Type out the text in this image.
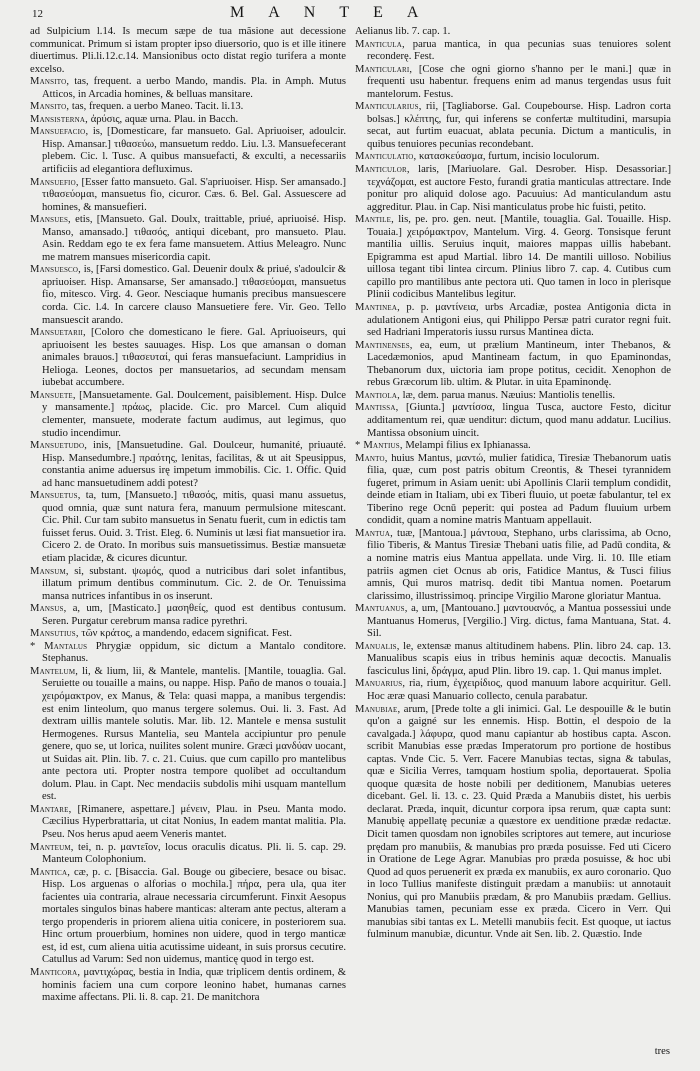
12	MANTEA

ad Sulpicium l.14. Is mecum sæpe de tua mãsione aut decessione communicat. Primum si istam propter ipso diuersorio, quo is et ille itinere diuertimus. Pli.li.12.c.14. Mansionibus octo distat regio turifera a monte excelso.

Mansito, tas, frequent. a uerbo Mando, mandis. Pla. in Amph. Mutus Atticos, in Arcadia homines, & belluas mansitare.

Mansito, tas, frequen. a uerbo Maneo. Tacit. li.13.

Mansisterna, ἀρύσις, aquæ urna. Plau. in Bacch.

Mansuefacio, is, [Domesticare, far mansueto. Gal. Apriuoiser, adoulcir. Hisp. Amansar.] τιθασεύω, mansuetum reddo. Liu. l.3. Mansuefecerant plebem. Cic. l. Tusc. A quibus mansuefacti, & exculti, a necessariis artificiis ad elegantiora defluximus.

Mansuefio, [Esser fatto mansueto. Gal. S'apriuoiser. Hisp. Ser amansado.] τιθασεύομαι, mansuetus fio, cicuror. Cæs. 6. Bel. Gal. Assuescere ad homines, & mansuefieri.

Mansues, etis, [Mansueto. Gal. Doulx, traittable, priué, apriuoisé. Hisp. Manso, amansado.] τιθασός, antiqui dicebant, pro mansueto. Plau. Asin. Reddam ego te ex fera fame mansuetem. Attius Meleagro. Nunc me matrem mansues misericordia capit.

Mansuesco, is, [Farsi domestico. Gal. Deuenir doulx & priué, s'adoulcir & apriuoiser. Hisp. Amansarse, Ser amansado.] τιθασεύομαι, mansuetus fio, mitesco. Virg. 4. Geor. Nesciaque humanis precibus mansuescere corda. Cic. l.4. In carcere clauso Mansuetiere fere. Vir. Geo. Tello mansuescit arando.

Mansuetarii, [Coloro che domesticano le fiere. Gal. Apriuoiseurs, qui apriuoisent les bestes sauuages. Hisp. Los que amansan o doman animales brauos.] τιθασευταί, qui feras mansuefaciunt. Lampridius in Helioga. Leones, doctos per mansuetarios, ad secundam mensam iubebat accumbere.

Mansuete, [Mansuetamente. Gal. Doulcement, paisiblement. Hisp. Dulce y mansamente.] πράως, placide. Cic. pro Marcel. Cum aliquid clementer, mansuete, moderate factum audimus, aut legimus, quo studio incendimur.

Mansuetudo, inis, [Mansuetudine. Gal. Doulceur, humanité, priuauté. Hisp. Mansedumbre.] πραότης, lenitas, facilitas, & ut ait Speusippus, constantia anime aduersus irę impetum immobilis. Cic. 1. Offic. Quid ad hanc mansuetudinem addi potest?

Mansuetus, ta, tum, [Mansueto.] τιθασός, mitis, quasi manu assuetus, quod omnia, quæ sunt natura fera, manuum permulsione mitescant. Cic. Phil. Cur tam subito mansuetus in Senatu fuerit, cum in edictis tam fuisset ferus. Ouid. 3. Trist. Eleg. 6. Numinis ut læsi fiat mansuetior ira. Cicero 2. de Orato. In moribus suis mansuetissimus. Bestiæ mansuetæ etiam placidæ, & cicures dicuntur.

Mansum, si, substant. ψωμός, quod a nutricibus dari solet infantibus, illatum primum dentibus comminutum. Cic. 2. de Or. Tenuissima mansa nutrices infantibus in os inserunt.

Mansus, a, um, [Masticato.] μασηθείς, quod est dentibus contusum. Seren. Purgatur cerebrum mansa radice pyrethri.

Mansutius, τῶν κράτος, a mandendo, edacem significat. Fest.

* Mantalus Phrygiæ oppidum, sic dictum a Mantalo conditore. Stephanus.

Mantelum, li, & lium, lii, & Mantele, mantelis. [Mantile, touaglia. Gal. Seruiette ou touaille a mains, ou nappe. Hisp. Paño de manos o touaia.] χειρόμακτρον, ex Manus, & Tela: quasi mappa, a manibus tergendis: est enim linteolum, quo manus tergere solemus. Oui. li. 3. Fast. Ad dextram uillis mantele solutis. Mar. lib. 12. Mantele e mensa sustulit Hermogenes. Rursus Mantelia, seu Mantela accipiuntur pro penule genere, quo se, ut lorica, nuilites solent munire. Græci μανδύαν uocant, ut Suidas ait. Plin. lib. 7. c. 21. Cuius. que cum capillo pro mantelibus ante pectora uti. Propter nostra tempore quolibet ad occultandum dolum. Plau. in Capt. Nec mendaciis subdolis mihi usquam mantellum est.

Mantare, [Rimanere, aspettare.] μένειν, Plau. in Pseu. Manta modo. Cæcilius Hyperbrattaria, ut citat Nonius, In eadem mantat malitia. Pla. Pseu. Nos herus apud aeem Veneris mantet.

Manteum, tei, n. p. μαντεῖον, locus oraculis dicatus. Pli. li. 5. cap. 29. Manteum Colophonium.

Mantica, cæ, p. c. [Bisaccia. Gal. Bouge ou gibeciere, besace ou bisac. Hisp. Los arguenas o alforias o mochila.] πήρα, pera ula, qua iter facientes uia contraria, alraue necessaria circumferunt. Finxit Aesopus mortales singulos binas habere manticas: alteram ante pectus, alteram a tergo propenderis in priorem aliena uitia conicere, in posteriorem sua. Hinc ortum prouerbium, homines non uidere, quod in tergo manticæ est, id est, cum aliena uitia acutissime uideant, in suis prorsus cecutire. Catullus ad Varum: Sed non uidemus, manticę quod in tergo est.

Manticora, μαντιχώρας, bestia in India, quæ triplicem dentis ordinem, & hominis faciem una cum corpore leonino habet, humanas carnes maxime affectans. Pli. li. 8. cap. 21. De manitchora

Aelianus lib. 7. cap. 1.

Manticula, parua mantica, in qua pecunias suas tenuiores solent reconderę. Fest.

Manticulari, [Cose che ogni giorno s'hanno per le mani.] quæ in frequenti usu habentur. frequens enim ad manus tergendas usus fuit mantelorum. Festus.

Manticularius, rii, [Tagliaborse. Gal. Coupebourse. Hisp. Ladron corta bolsas.] κλέπτης, fur, qui inferens se confertæ multitudini, marsupia secat, aut furtim euacuat, ablata pecunia. Dictum a manticulis, in quibus tenuiores pecunias recondebant.

Manticulatio, κατασκεύασμα, furtum, incisio loculorum.

Manticulor, laris, [Mariuolare. Gal. Desrober. Hisp. Desassoriar.] τεχνάζομαι, est auctore Festo, furandi gratia manticulas attrectare. Inde ponitur pro aliquid dolose ago. Pacuuius: Ad manticulandum astu aggreditur. Plau. in Cap. Nisi manticulatus probe hic fuisti, petito.

Mantile, lis, pe. pro. gen. neut. [Mantile, touaglia. Gal. Touaille. Hisp. Touaia.] χειρόμακτρον, Mantelum. Virg. 4. Georg. Tonsisque ferunt mantilia uillis. Seruius inquit, maiores mappas uillis habebant. Epigramma est apud Martial. libro 14. De mantili uilloso. Nobilius uillosa tegant tibi lintea circum. Plinius libro 7. cap. 4. Cutibus cum capillo pro mantilibus ante pectora uti. Quo tamen in loco in plerisque Plinii codicibus Mantelibus legitur.

Mantinea, p. p. μαντίνεια, urbs Arcadiæ, postea Antigonia dicta in adulationem Antigoni eius, qui Philippo Persæ patri curator regni fuit. sed Hadriani Imperatoris iussu rursus Mantinea dicta.

Mantinenses, ea, eum, ut prælium Mantineum, inter Thebanos, & Lacedæmonios, apud Mantineam factum, in quo Epaminondas, Thebanorum dux, uictoria iam prope potitus, cecidit. Xenophon de rebus Græcorum lib. ultim. & Plutar. in uita Epaminondę.

Mantiola, læ, dem. parua manus. Næuius: Mantiolis tenellis.

Mantissa, [Giunta.] μαντίσσα, lingua Tusca, auctore Festo, dicitur additamentum rei, quæ uenditur: dictum, quod manu addatur. Lucilius. Mantissa obsonium uincit.

* Mantius, Melampi filius ex Iphianassa.

Manto, huius Mantus, μαντώ, mulier fatidica, Tiresiæ Thebanorum uatis filia, quæ, cum post patris obitum Creontis, & Thesei tyrannidem fugeret, primum in Asiam uenit: ubi Apollinis Clarii templum condidit, deinde etiam in Italiam, ubi ex Tiberi fluuio, ut poetæ fabulantur, tel ex Tiberino rege Ocnū peperit: qui postea ad Padum fluuium urbem condidit, quam a nomine matris Mantuam appellauit.

Mantua, tuæ, [Mantoua.] μάντουα, Stephano, urbs clarissima, ab Ocno, filio Tiberis, & Mantus Tiresiæ Thebani uatis filie, ad Padū condita, & a nomine matris eius Mantua appellata. unde Virg. li. 10. Ille etiam patriis agmen ciet Ocnus ab oris, Fatidice Mantus, & Tusci filius amnis, Qui muros matrisq. dedit tibi Mantua nomen. Poetarum clarissimo, illustrissimoq. principe Virgilio Marone gloriatur Mantua.

Mantuanus, a, um, [Mantouano.] μαντουανός, a Mantua possessiui unde Mantuanus Homerus, [Vergilio.] Virg. dictus, fama Mantuana, Stat. 4. Sil.

Manualis, le, extensæ manus altitudinem habens. Plin. libro 24. cap. 13. Manualibus scapis eius in tribus heminis aquæ decoctis. Manualis fasciculus lini, δράγμα, apud Plin. libro 19. cap. 1. Qui manus implet.

Manuarius, ria, rium, ἐγχειρίδιος, quod manuum labore acquiritur. Gell. Hoc æræ quasi Manuario collecto, cenula parabatur.

Manubiae, arum, [Prede tolte a gli inimici. Gal. Le despouille & le butin qu'on a gaigné sur les ennemis. Hisp. Bottin, el despoio de la cavalgada.] λάφυρα, quod manu capiantur ab hostibus capta. Ascon. scribit Manubias esse prædas Imperatorum pro portione de hostibus captas. Vnde Cic. 5. Verr. Facere Manubias tectas, signa & tabulas, quæ e Sicilia Verres, tamquam hostium spolia, deportauerat. Spolia quoque quæsita de hoste nobili per deditionem, Manubias ueteres dicebant. Gel. li. 13. c. 23. Quid Præda a Manubiis distet, his uerbis declarat. Præda, inquit, dicuntur corpora ipsa rerum, quæ capta sunt: Manubię appellatę pecuniæ a quæstore ex uenditione prædæ redactæ. Dicit tamen quosdam non ignobiles scriptores aut temere, aut incuriose prędam pro manubiis, & manubias pro præda posuisse. Fed uti Cicero in Oratione de Lege Agrar. Manubias pro præda posuisse, & hoc ubi Quod ad quos peruenerit ex præda ex manubiis, ex auro coronario. Quo in loco Tullius manifeste distinguit prædam a manubiis: ut annotauit Nonius, qui pro Manubiis prædam, & pro Manubiis prædam. Gellius. Manubias tamen, pecuniam esse ex præda. Cicero in Verr. Qui manubias sibi tantas ex L. Metelli manubiis fecit. Est quoque, ut iactus fulminum manubiæ, dicuntur. Vnde ait Sen. lib. 2. Quæstio. Inde

tres
